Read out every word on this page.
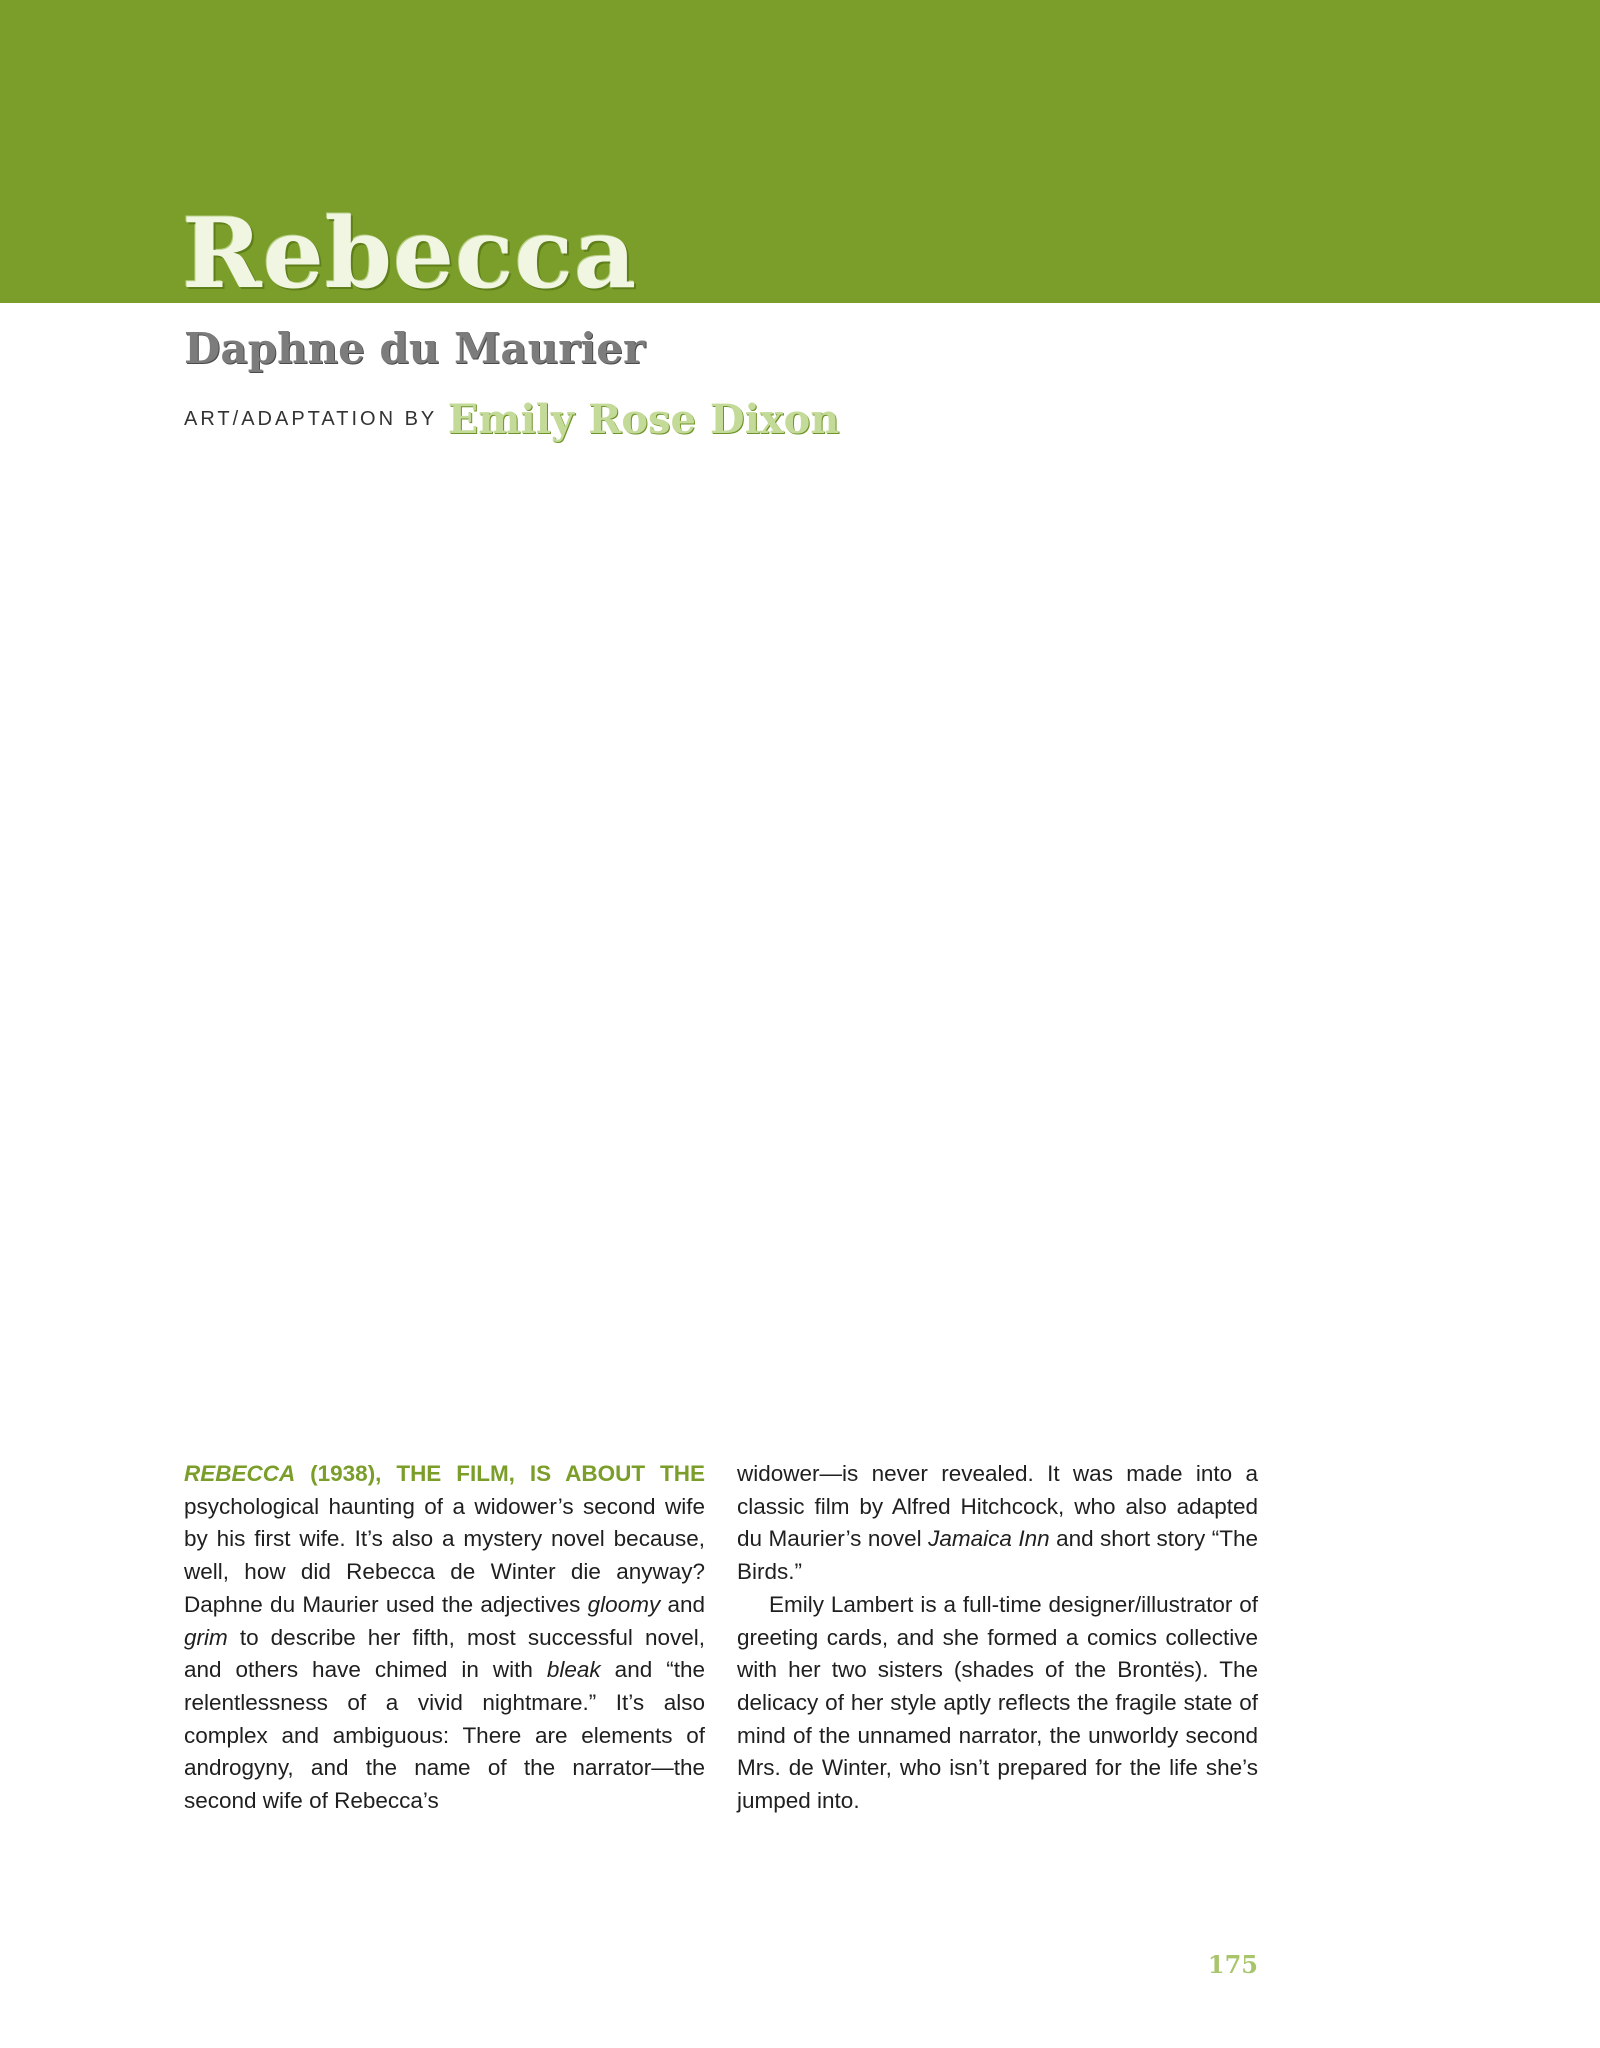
Rebecca
Daphne du Maurier
ART/ADAPTATION BY Emily Rose Dixon

REBECCA (1938), THE FILM, IS ABOUT THE psychological haunting of a widower’s second wife by his first wife. It’s also a mystery novel because, well, how did Rebecca de Winter die anyway? Daphne du Maurier used the adjectives gloomy and grim to describe her fifth, most successful novel, and others have chimed in with bleak and “the relentlessness of a vivid nightmare.” It’s also complex and ambiguous: There are elements of androgyny, and the name of the narrator—the second wife of Rebecca’s

widower—is never revealed. It was made into a classic film by Alfred Hitchcock, who also adapted du Maurier’s novel Jamaica Inn and short story “The Birds.”

Emily Lambert is a full-time designer/illustrator of greeting cards, and she formed a comics collective with her two sisters (shades of the Brontës). The delicacy of her style aptly reflects the fragile state of mind of the unnamed narrator, the unworldy second Mrs. de Winter, who isn’t prepared for the life she’s jumped into.

175
